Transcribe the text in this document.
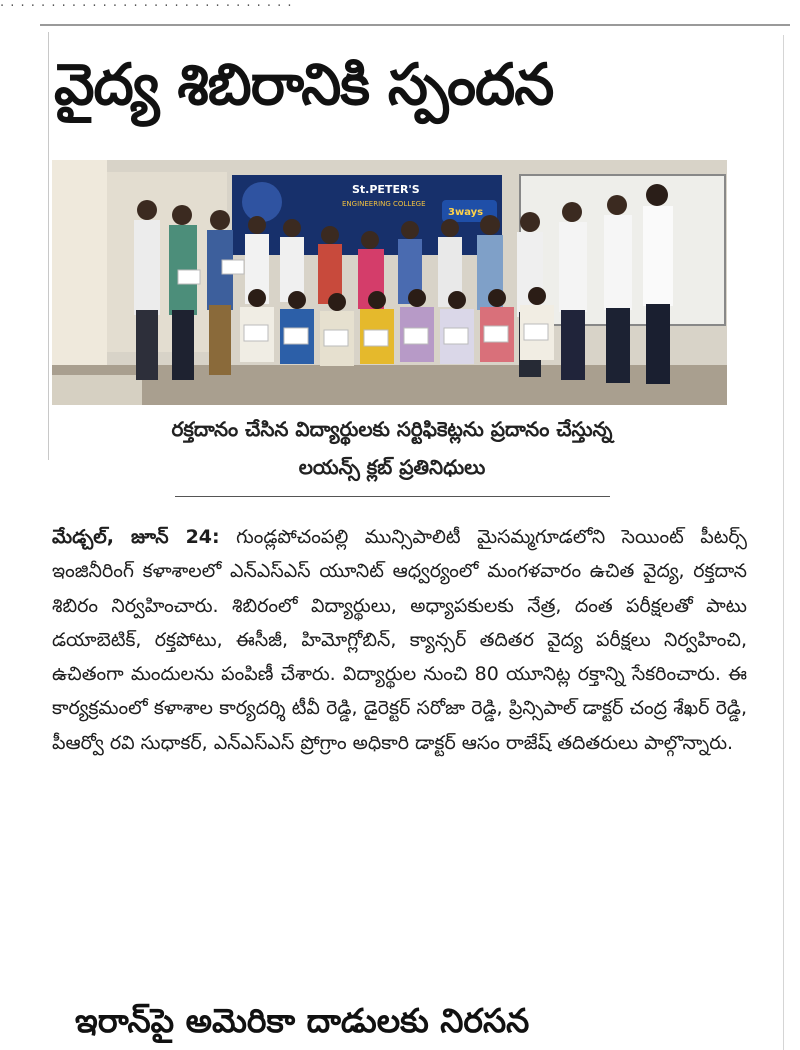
· · · · · · · · · · · · · · · · · · · · · · · · · · · · ·
వైద్య శిబిరానికి స్పందన
St.PETER'S
ENGINEERING COLLEGE
3ways
రక్తదానం చేసిన విద్యార్థులకు సర్టిఫికెట్లను ప్రదానం చేస్తున్న
లయన్స్ క్లబ్ ప్రతినిధులు
మేడ్చల్, జూన్ 24: గుండ్లపోచంపల్లి మున్సిపాలిటీ మైసమ్మగూడలోని సెయింట్ పీటర్స్ ఇంజినీరింగ్ కళాశాలలో ఎన్ఎస్ఎస్ యూనిట్ ఆధ్వర్యంలో మంగళవారం ఉచిత వైద్య, రక్తదాన శిబిరం నిర్వహించారు. శిబిరంలో విద్యార్థులు, అధ్యాపకులకు నేత్ర, దంత పరీక్షలతో పాటు డయాబెటిక్, రక్తపోటు, ఈసీజీ, హిమోగ్లోబిన్, క్యాన్సర్ తదితర వైద్య పరీక్షలు నిర్వహించి, ఉచితంగా మందులను పంపిణీ చేశారు. విద్యార్థుల నుంచి 80 యూనిట్ల రక్తాన్ని సేకరించారు. ఈ కార్యక్రమంలో కళాశాల కార్యదర్శి టీవీ రెడ్డి, డైరెక్టర్ సరోజా రెడ్డి, ప్రిన్సిపాల్ డాక్టర్ చంద్ర శేఖర్ రెడ్డి, పీఆర్వో రవి సుధాకర్, ఎన్ఎస్ఎస్ ప్రోగ్రాం అధికారి డాక్టర్ ఆసం రాజేష్ తదితరులు పాల్గొన్నారు.
ఇరాన్‌పై అమెరికా దాడులకు నిరసన
